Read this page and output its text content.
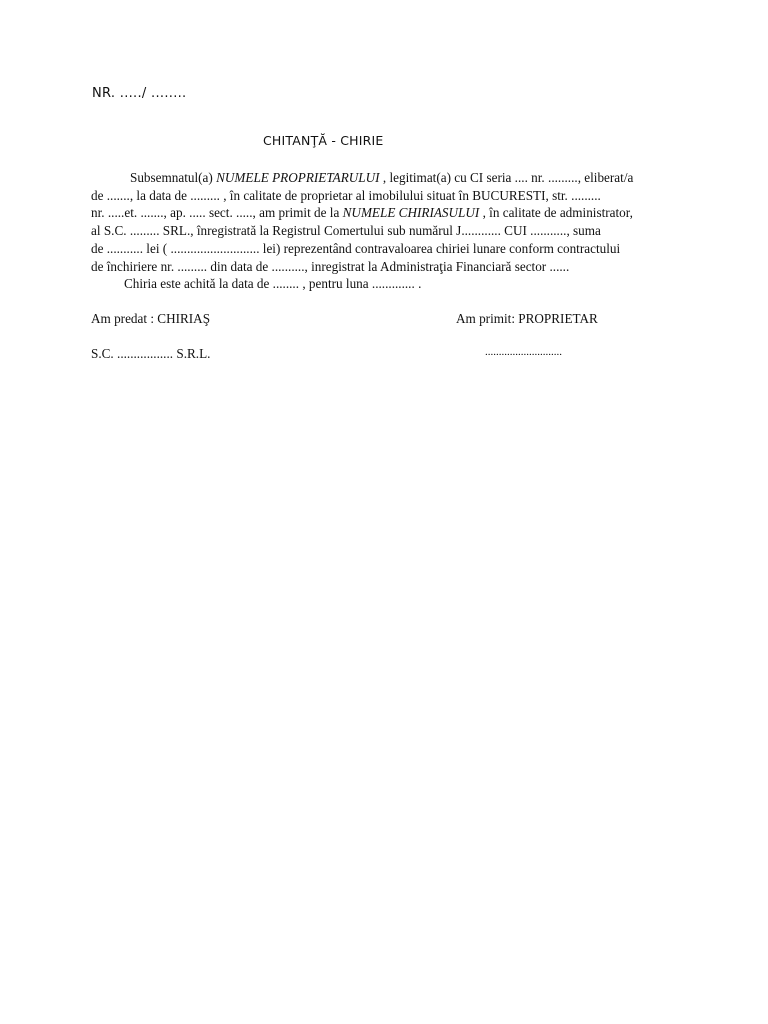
NR. ...../ ........
CHITANŢĂ - CHIRIE
Subsemnatul(a) NUMELE PROPRIETARULUI , legitimat(a) cu CI seria .... nr. ........., eliberat/a
de ......., la data de ......... , în calitate de proprietar al imobilului situat în BUCURESTI, str. .........
nr. .....et. ......., ap. ..... sect. ....., am primit de la NUMELE CHIRIASULUI , în calitate de administrator,
al S.C. ......... SRL., înregistrată la Registrul Comertului sub numărul J............ CUI ..........., suma
de ........... lei ( ........................... lei) reprezentând contravaloarea chiriei lunare conform contractului
de închiriere nr. ......... din data de .........., inregistrat la Administraţia Financiară sector ......
Chiria este achită la data de ........ , pentru luna ............. .
Am predat : CHIRIAŞ	Am primit: PROPRIETAR
S.C. ................. S.R.L.	............................
